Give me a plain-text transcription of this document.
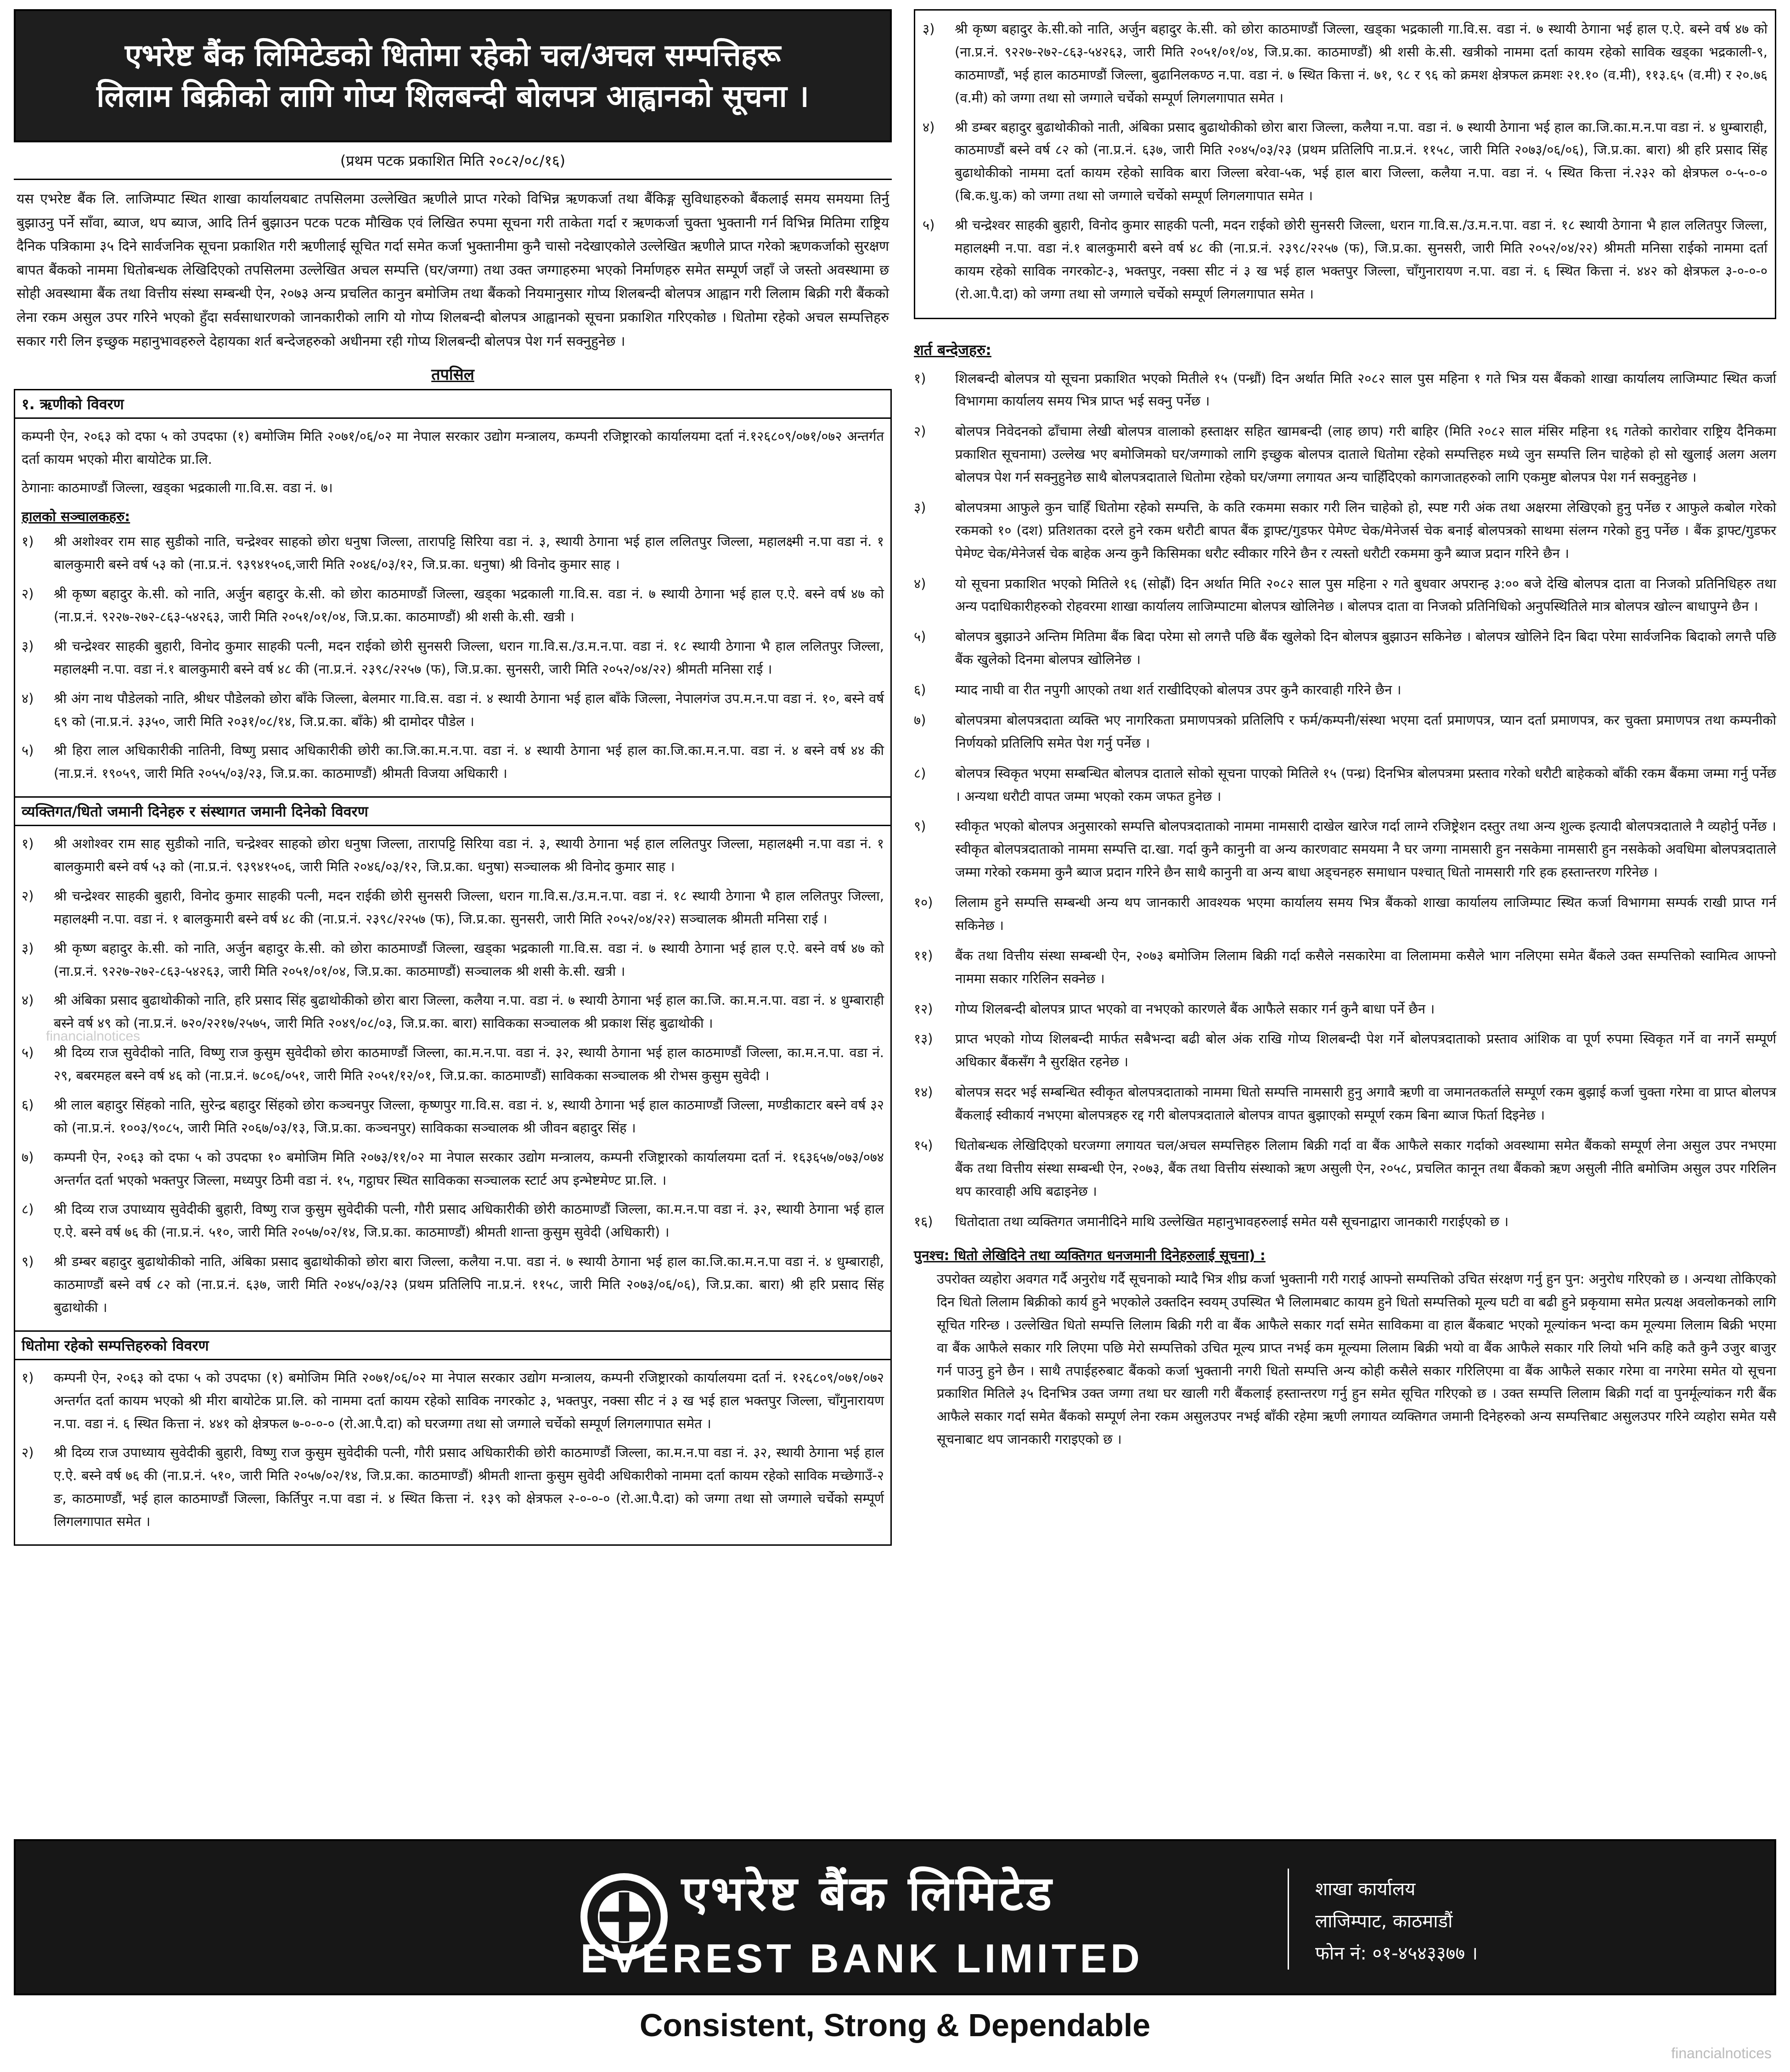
एभरेष्ट बैंक लिमिटेडको धितोमा रहेको चल/अचल सम्पत्तिहरू
लिलाम बिक्रीको लागि गोप्य शिलबन्दी बोलपत्र आह्वानको सूचना ।
(प्रथम पटक प्रकाशित मिति २०८२/०८/१६)
यस एभरेष्ट बैंक लि. लाजिम्पाट स्थित शाखा कार्यालयबाट तपसिलमा उल्लेखित ऋणीले प्राप्त गरेको विभिन्न ऋणकर्जा तथा बैंकिङ्ग सुविधाहरुको बैंकलाई समय समयमा तिर्नु बुझाउनु पर्ने साँवा, ब्याज, थप ब्याज, आदि तिर्न बुझाउन पटक पटक मौखिक एवं लिखित रुपमा सूचना गरी ताकेता गर्दा र ऋणकर्जा चुक्ता भुक्तानी गर्न विभिन्न मितिमा राष्ट्रिय दैनिक पत्रिकामा ३५ दिने सार्वजनिक सूचना प्रकाशित गरी ऋणीलाई सूचित गर्दा समेत कर्जा भुक्तानीमा कुनै चासो नदेखाएकोले उल्लेखित ऋणीले प्राप्त गरेको ऋणकर्जाको सुरक्षण बापत बैंकको नाममा धितोबन्धक लेखिदिएको तपसिलमा उल्लेखित अचल सम्पत्ति (घर/जग्गा) तथा उक्त जग्गाहरुमा भएको निर्माणहरु समेत सम्पूर्ण जहाँ जे जस्तो अवस्थामा छ सोही अवस्थामा बैंक तथा वित्तीय संस्था सम्बन्धी ऐन, २०७३ अन्य प्रचलित कानुन बमोजिम तथा बैंकको नियमानुसार गोप्य शिलबन्दी बोलपत्र आह्वान गरी लिलाम बिक्री गरी बैंकको लेना रकम असुल उपर गरिने भएको हुँदा सर्वसाधारणको जानकारीको लागि यो गोप्य शिलबन्दी बोलपत्र आह्वानको सूचना प्रकाशित गरिएकोछ । धितोमा रहेको अचल सम्पत्तिहरु सकार गरी लिन इच्छुक महानुभावहरुले देहायका शर्त बन्देजहरुको अधीनमा रही गोप्य शिलबन्दी बोलपत्र पेश गर्न सक्नुहुनेछ ।
तपसिल
१. ऋणीको विवरण
कम्पनी ऐन, २०६३ को दफा ५ को उपदफा (१) बमोजिम मिति २०७१/०६/०२ मा नेपाल सरकार उद्योग मन्त्रालय, कम्पनी रजिष्ट्रारको कार्यालयमा दर्ता नं.१२६८०९/०७१/०७२ अन्तर्गत दर्ता कायम भएको मीरा बायोटेक प्रा.लि.
ठेगानाः काठमाण्डौं जिल्ला, खड्का भद्रकाली गा.वि.स. वडा नं. ७।
हालको सञ्चालकहरु:
१)	श्री अशोश्वर राम साह सुडीको नाति, चन्द्रेश्वर साहको छोरा धनुषा जिल्ला, तारापट्टि सिरिया वडा नं. ३, स्थायी ठेगाना भई हाल ललितपुर जिल्ला, महालक्ष्मी न.पा वडा नं. १ बालकुमारी बस्ने वर्ष ५३ को (ना.प्र.नं. ९३९४१५०६,जारी मिति २०४६/०३/१२, जि.प्र.का. धनुषा) श्री विनोद कुमार साह ।
२)	श्री कृष्ण बहादुर के.सी. को नाति, अर्जुन बहादुर के.सी. को छोरा काठमाण्डौं जिल्ला, खड्का भद्रकाली गा.वि.स. वडा नं. ७ स्थायी ठेगाना भई हाल ए.ऐ. बस्ने वर्ष ४७ को (ना.प्र.नं. ९२२७-२७२-८६३-५४२६३, जारी मिति २०५१/०१/०४, जि.प्र.का. काठमाण्डौं) श्री शसी के.सी. खत्री ।
३)	श्री चन्द्रेश्वर साहकी बुहारी, विनोद कुमार साहकी पत्नी, मदन राईको छोरी सुनसरी जिल्ला, धरान गा.वि.स./उ.म.न.पा. वडा नं. १८ स्थायी ठेगाना भै हाल ललितपुर जिल्ला, महालक्ष्मी न.पा. वडा नं.१ बालकुमारी बस्ने वर्ष ४८ की (ना.प्र.नं. २३९८/२२५७ (फ), जि.प्र.का. सुनसरी, जारी मिति २०५२/०४/२२) श्रीमती मनिसा राई ।
४)	श्री अंग नाथ पौडेलको नाति, श्रीधर पौडेलको छोरा बाँके जिल्ला, बेलमार गा.वि.स. वडा नं. ४ स्थायी ठेगाना भई हाल बाँके जिल्ला, नेपालगंज उप.म.न.पा वडा नं. १०, बस्ने वर्ष ६९ को (ना.प्र.नं. ३३५०, जारी मिति २०३१/०८/१४, जि.प्र.का. बाँके) श्री दामोदर पौडेल ।
५)	श्री हिरा लाल अधिकारीकी नातिनी, विष्णु प्रसाद अधिकारीकी छोरी का.जि.का.म.न.पा. वडा नं. ४ स्थायी ठेगाना भई हाल का.जि.का.म.न.पा. वडा नं. ४ बस्ने वर्ष ४४ की (ना.प्र.नं. १९०५९, जारी मिति २०५५/०३/२३, जि.प्र.का. काठमाण्डौं) श्रीमती विजया अधिकारी ।
व्यक्तिगत/धितो जमानी दिनेहरु र संस्थागत जमानी दिनेको विवरण
१)	श्री अशोश्वर राम साह सुडीको नाति, चन्द्रेश्वर साहको छोरा धनुषा जिल्ला, तारापट्टि सिरिया वडा नं. ३, स्थायी ठेगाना भई हाल ललितपुर जिल्ला, महालक्ष्मी न.पा वडा नं. १ बालकुमारी बस्ने वर्ष ५३ को (ना.प्र.नं. ९३९४१५०६, जारी मिति २०४६/०३/१२, जि.प्र.का. धनुषा) सञ्चालक श्री विनोद कुमार साह ।
२)	श्री चन्द्रेश्वर साहकी बुहारी, विनोद कुमार साहकी पत्नी, मदन राईकी छोरी सुनसरी जिल्ला, धरान गा.वि.स./उ.म.न.पा. वडा नं. १८ स्थायी ठेगाना भै हाल ललितपुर जिल्ला, महालक्ष्मी न.पा. वडा नं. १ बालकुमारी बस्ने वर्ष ४८ की (ना.प्र.नं. २३९८/२२५७ (फ), जि.प्र.का. सुनसरी, जारी मिति २०५२/०४/२२) सञ्चालक श्रीमती मनिसा राई ।
३)	श्री कृष्ण बहादुर के.सी. को नाति, अर्जुन बहादुर के.सी. को छोरा काठमाण्डौं जिल्ला, खड्का भद्रकाली गा.वि.स. वडा नं. ७ स्थायी ठेगाना भई हाल ए.ऐ. बस्ने वर्ष ४७ को (ना.प्र.नं. ९२२७-२७२-८६३-५४२६३, जारी मिति २०५१/०१/०४, जि.प्र.का. काठमाण्डौं) सञ्चालक श्री शसी के.सी. खत्री ।
४)	श्री अंबिका प्रसाद बुढाथोकीको नाति, हरि प्रसाद सिंह बुढाथोकीको छोरा बारा जिल्ला, कलैया न.पा. वडा नं. ७ स्थायी ठेगाना भई हाल का.जि. का.म.न.पा. वडा नं. ४ धुम्बाराही बस्ने वर्ष ४९ को (ना.प्र.नं. ७२०/२२१७/२५७५, जारी मिति २०४९/०८/०३, जि.प्र.का. बारा) साविकका सञ्चालक श्री प्रकाश सिंह बुढाथोकी ।
५)	श्री दिव्य राज सुवेदीको नाति, विष्णु राज कुसुम सुवेदीको छोरा काठमाण्डौं जिल्ला, का.म.न.पा. वडा नं. ३२, स्थायी ठेगाना भई हाल काठमाण्डौं जिल्ला, का.म.न.पा. वडा नं. २९, बबरमहल बस्ने वर्ष ४६ को (ना.प्र.नं. ७८०६/०५१, जारी मिति २०५१/१२/०१, जि.प्र.का. काठमाण्डौं) साविकका सञ्चालक श्री रोभस कुसुम सुवेदी ।
६)	श्री लाल बहादुर सिंहको नाति, सुरेन्द्र बहादुर सिंहको छोरा कञ्चनपुर जिल्ला, कृष्णपुर गा.वि.स. वडा नं. ४, स्थायी ठेगाना भई हाल काठमाण्डौं जिल्ला, मण्डीकाटार बस्ने वर्ष ३२ को (ना.प्र.नं. १००३/९०८५, जारी मिति २०६७/०३/१३, जि.प्र.का. कञ्चनपुर) साविकका सञ्चालक श्री जीवन बहादुर सिंह ।
७)	कम्पनी ऐन, २०६३ को दफा ५ को उपदफा १० बमोजिम मिति २०७३/११/०२ मा नेपाल सरकार उद्योग मन्त्रालय, कम्पनी रजिष्ट्रारको कार्यालयमा दर्ता नं. १६३६५७/०७३/०७४ अन्तर्गत दर्ता भएको भक्तपुर जिल्ला, मध्यपुर ठिमी वडा नं. १५, गट्ठाघर स्थित साविकका सञ्चालक स्टार्ट अप इन्भेष्टमेण्ट प्रा.लि. ।
८)	श्री दिव्य राज उपाध्याय सुवेदीकी बुहारी, विष्णु राज कुसुम सुवेदीकी पत्नी, गौरी प्रसाद अधिकारीकी छोरी काठमाण्डौं जिल्ला, का.म.न.पा वडा नं. ३२, स्थायी ठेगाना भई हाल ए.ऐ. बस्ने वर्ष ७६ की (ना.प्र.नं. ५१०, जारी मिति २०५७/०२/१४, जि.प्र.का. काठमाण्डौं) श्रीमती शान्ता कुसुम सुवेदी (अधिकारी) ।
९)	श्री डम्बर बहादुर बुढाथोकीको नाति, अंबिका प्रसाद बुढाथोकीको छोरा बारा जिल्ला, कलैया न.पा. वडा नं. ७ स्थायी ठेगाना भई हाल का.जि.का.म.न.पा वडा नं. ४ धुम्बाराही, काठमाण्डौं बस्ने वर्ष ८२ को (ना.प्र.नं. ६३७, जारी मिति २०४५/०३/२३ (प्रथम प्रतिलिपि ना.प्र.नं. ११५८, जारी मिति २०७३/०६/०६), जि.प्र.का. बारा) श्री हरि प्रसाद सिंह बुढाथोकी ।
धितोमा रहेको सम्पत्तिहरुको विवरण
१)	कम्पनी ऐन, २०६३ को दफा ५ को उपदफा (१) बमोजिम मिति २०७१/०६/०२ मा नेपाल सरकार उद्योग मन्त्रालय, कम्पनी रजिष्ट्रारको कार्यालयमा दर्ता नं. १२६८०९/०७१/०७२ अन्तर्गत दर्ता कायम भएको श्री मीरा बायोटेक प्रा.लि. को नाममा दर्ता कायम रहेको साविक नगरकोट ३, भक्तपुर, नक्सा सीट नं ३ ख भई हाल भक्तपुर जिल्ला, चाँगुनारायण न.पा. वडा नं. ६ स्थित कित्ता नं. ४४१ को क्षेत्रफल ७-०-०-० (रो.आ.पै.दा) को घरजग्गा तथा सो जग्गाले चर्चेको सम्पूर्ण लिगलगापात समेत ।
२)	श्री दिव्य राज उपाध्याय सुवेदीकी बुहारी, विष्णु राज कुसुम सुवेदीकी पत्नी, गौरी प्रसाद अधिकारीकी छोरी काठमाण्डौं जिल्ला, का.म.न.पा वडा नं. ३२, स्थायी ठेगाना भई हाल ए.ऐ. बस्ने वर्ष ७६ की (ना.प्र.नं. ५१०, जारी मिति २०५७/०२/१४, जि.प्र.का. काठमाण्डौं) श्रीमती शान्ता कुसुम सुवेदी अधिकारीको नाममा दर्ता कायम रहेको साविक मच्छेगाउँ-२ ङ, काठमाण्डौं, भई हाल काठमाण्डौं जिल्ला, किर्तिपुर न.पा वडा नं. ४ स्थित कित्ता नं. १३९ को क्षेत्रफल २-०-०-० (रो.आ.पै.दा) को जग्गा तथा सो जग्गाले चर्चेको सम्पूर्ण लिगलगापात समेत ।
३)	श्री कृष्ण बहादुर के.सी.को नाति, अर्जुन बहादुर के.सी. को छोरा काठमाण्डौं जिल्ला, खड्का भद्रकाली गा.वि.स. वडा नं. ७ स्थायी ठेगाना भई हाल ए.ऐ. बस्ने वर्ष ४७ को (ना.प्र.नं. ९२२७-२७२-८६३-५४२६३, जारी मिति २०५१/०१/०४, जि.प्र.का. काठमाण्डौं) श्री शसी के.सी. खत्रीको नाममा दर्ता कायम रहेको साविक खड्का भद्रकाली-९, काठमाण्डौं, भई हाल काठमाण्डौं जिल्ला, बुढानिलकण्ठ न.पा. वडा नं. ७ स्थित कित्ता नं. ७१, ९८ र ९६ को क्रमश क्षेत्रफल क्रमशः २१.१० (व.मी), ११३.६५ (व.मी) र २०.७६ (व.मी) को जग्गा तथा सो जग्गाले चर्चेको सम्पूर्ण लिगलगापात समेत ।
४)	श्री डम्बर बहादुर बुढाथोकीको नाती, अंबिका प्रसाद बुढाथोकीको छोरा बारा जिल्ला, कलैया न.पा. वडा नं. ७ स्थायी ठेगाना भई हाल का.जि.का.म.न.पा वडा नं. ४ धुम्बाराही, काठमाण्डौं बस्ने वर्ष ८२ को (ना.प्र.नं. ६३७, जारी मिति २०४५/०३/२३ (प्रथम प्रतिलिपि ना.प्र.नं. ११५८, जारी मिति २०७३/०६/०६), जि.प्र.का. बारा) श्री हरि प्रसाद सिंह बुढाथोकीको नाममा दर्ता कायम रहेको साविक बारा जिल्ला बरेवा-५क, भई हाल बारा जिल्ला, कलैया न.पा. वडा नं. ५ स्थित कित्ता नं.२३२ को क्षेत्रफल ०-५-०-० (बि.क.धु.क) को जग्गा तथा सो जग्गाले चर्चेको सम्पूर्ण लिगलगापात समेत ।
५)	श्री चन्द्रेश्वर साहकी बुहारी, विनोद कुमार साहकी पत्नी, मदन राईको छोरी सुनसरी जिल्ला, धरान गा.वि.स./उ.म.न.पा. वडा नं. १८ स्थायी ठेगाना भै हाल ललितपुर जिल्ला, महालक्ष्मी न.पा. वडा नं.१ बालकुमारी बस्ने वर्ष ४८ की (ना.प्र.नं. २३९८/२२५७ (फ), जि.प्र.का. सुनसरी, जारी मिति २०५२/०४/२२) श्रीमती मनिसा राईको नाममा दर्ता कायम रहेको साविक नगरकोट-३, भक्तपुर, नक्सा सीट नं ३ ख भई हाल भक्तपुर जिल्ला, चाँगुनारायण न.पा. वडा नं. ६ स्थित कित्ता नं. ४४२ को क्षेत्रफल ३-०-०-० (रो.आ.पै.दा) को जग्गा तथा सो जग्गाले चर्चेको सम्पूर्ण लिगलगापात समेत ।
शर्त बन्देजहरु:
१)	शिलबन्दी बोलपत्र यो सूचना प्रकाशित भएको मितीले १५ (पन्ध्रौं) दिन अर्थात मिति २०८२ साल पुस महिना १ गते भित्र यस बैंकको शाखा कार्यालय लाजिम्पाट स्थित कर्जा विभागमा कार्यालय समय भित्र प्राप्त भई सक्नु पर्नेछ ।
२)	बोलपत्र निवेदनको ढाँचामा लेखी बोलपत्र वालाको हस्ताक्षर सहित खामबन्दी (लाह छाप) गरी बाहिर (मिति २०८२ साल मंसिर महिना १६ गतेको कारोवार राष्ट्रिय दैनिकमा प्रकाशित सूचनामा) उल्लेख भए बमोजिमको घर/जग्गाको लागि इच्छुक बोलपत्र दाताले धितोमा रहेको सम्पत्तिहरु मध्ये जुन सम्पत्ति लिन चाहेको हो सो खुलाई अलग अलग बोलपत्र पेश गर्न सक्नुहुनेछ साथै बोलपत्रदाताले धितोमा रहेको घर/जग्गा लगायत अन्य चाहिँदिएको कागजातहरुको लागि एकमुष्ट बोलपत्र पेश गर्न सक्नुहुनेछ ।
३)	बोलपत्रमा आफुले कुन चाहिँ धितोमा रहेको सम्पत्ति, के कति रकममा सकार गरी लिन चाहेको हो, स्पष्ट गरी अंक तथा अक्षरमा लेखिएको हुनु पर्नेछ र आफुले कबोल गरेको रकमको १० (दश) प्रतिशतका दरले हुने रकम धरौटी बापत बैंक ड्राफ्ट/गुडफर पेमेण्ट चेक/मेनेजर्स चेक बनाई बोलपत्रको साथमा संलग्न गरेको हुनु पर्नेछ । बैंक ड्राफ्ट/गुडफर पेमेण्ट चेक/मेनेजर्स चेक बाहेक अन्य कुनै किसिमका धरौट स्वीकार गरिने छैन र त्यस्तो धरौटी रकममा कुनै ब्याज प्रदान गरिने छैन ।
४)	यो सूचना प्रकाशित भएको मितिले १६ (सोह्रौं) दिन अर्थात मिति २०८२ साल पुस महिना २ गते बुधवार अपरान्ह ३:०० बजे देखि बोलपत्र दाता वा निजको प्रतिनिधिहरु तथा अन्य पदाधिकारीहरुको रोहवरमा शाखा कार्यालय लाजिम्पाटमा बोलपत्र खोलिनेछ । बोलपत्र दाता वा निजको प्रतिनिधिको अनुपस्थितिले मात्र बोलपत्र खोल्न बाधापुग्ने छैन ।
५)	बोलपत्र बुझाउने अन्तिम मितिमा बैंक बिदा परेमा सो लगत्तै पछि बैंक खुलेको दिन बोलपत्र बुझाउन सकिनेछ । बोलपत्र खोलिने दिन बिदा परेमा सार्वजनिक बिदाको लगत्तै पछि बैंक खुलेको दिनमा बोलपत्र खोलिनेछ ।
६)	म्याद नाघी वा रीत नपुगी आएको तथा शर्त राखीदिएको बोलपत्र उपर कुनै कारवाही गरिने छैन ।
७)	बोलपत्रमा बोलपत्रदाता व्यक्ति भए नागरिकता प्रमाणपत्रको प्रतिलिपि र फर्म/कम्पनी/संस्था भएमा दर्ता प्रमाणपत्र, प्यान दर्ता प्रमाणपत्र, कर चुक्ता प्रमाणपत्र तथा कम्पनीको निर्णयको प्रतिलिपि समेत पेश गर्नु पर्नेछ ।
८)	बोलपत्र स्विकृत भएमा सम्बन्धित बोलपत्र दाताले सोको सूचना पाएको मितिले १५ (पन्ध्र) दिनभित्र बोलपत्रमा प्रस्ताव गरेको धरौटी बाहेकको बाँकी रकम बैंकमा जम्मा गर्नु पर्नेछ । अन्यथा धरौटी वापत जम्मा भएको रकम जफत हुनेछ ।
९)	स्वीकृत भएको बोलपत्र अनुसारको सम्पत्ति बोलपत्रदाताको नाममा नामसारी दाखेल खारेज गर्दा लाग्ने रजिष्ट्रेशन दस्तुर तथा अन्य शुल्क इत्यादी बोलपत्रदाताले नै व्यहोर्नु पर्नेछ । स्वीकृत बोलपत्रदाताको नाममा सम्पत्ति दा.खा. गर्दा कुनै कानुनी वा अन्य कारणवाट समयमा नै घर जग्गा नामसारी हुन नसकेमा नामसारी हुन नसकेको अवधिमा बोलपत्रदाताले जम्मा गरेको रकममा कुनै ब्याज प्रदान गरिने छैन साथै कानुनी वा अन्य बाधा अड्चनहरु समाधान पश्चात् धितो नामसारी गरि हक हस्तान्तरण गरिनेछ ।
१०)	लिलाम हुने सम्पत्ति सम्बन्धी अन्य थप जानकारी आवश्यक भएमा कार्यालय समय भित्र बैंकको शाखा कार्यालय लाजिम्पाट स्थित कर्जा विभागमा सम्पर्क राखी प्राप्त गर्न सकिनेछ ।
११)	बैंक तथा वित्तीय संस्था सम्बन्धी ऐन, २०७३ बमोजिम लिलाम बिक्री गर्दा कसैले नसकारेमा वा लिलाममा कसैले भाग नलिएमा समेत बैंकले उक्त सम्पत्तिको स्वामित्व आफ्नो नाममा सकार गरिलिन सक्नेछ ।
१२)	गोप्य शिलबन्दी बोलपत्र प्राप्त भएको वा नभएको कारणले बैंक आफैले सकार गर्न कुनै बाधा पर्ने छैन ।
१३)	प्राप्त भएको गोप्य शिलबन्दी मार्फत सबैभन्दा बढी बोल अंक राखि गोप्य शिलबन्दी पेश गर्ने बोलपत्रदाताको प्रस्ताव आंशिक वा पूर्ण रुपमा स्विकृत गर्ने वा नगर्ने सम्पूर्ण अधिकार बैंकसँग नै सुरक्षित रहनेछ ।
१४)	बोलपत्र सदर भई सम्बन्धित स्वीकृत बोलपत्रदाताको नाममा धितो सम्पत्ति नामसारी हुनु अगावै ऋणी वा जमानतकर्ताले सम्पूर्ण रकम बुझाई कर्जा चुक्ता गरेमा वा प्राप्त बोलपत्र बैंकलाई स्वीकार्य नभएमा बोलपत्रहरु रद्द गरी बोलपत्रदाताले बोलपत्र वापत बुझाएको सम्पूर्ण रकम बिना ब्याज फिर्ता दिइनेछ ।
१५)	धितोबन्धक लेखिदिएको घरजग्गा लगायत चल/अचल सम्पत्तिहरु लिलाम बिक्री गर्दा वा बैंक आफैले सकार गर्दाको अवस्थामा समेत बैंकको सम्पूर्ण लेना असुल उपर नभएमा बैंक तथा वित्तीय संस्था सम्बन्धी ऐन, २०७३, बैंक तथा वित्तीय संस्थाको ऋण असुली ऐन, २०५८, प्रचलित कानून तथा बैंकको ऋण असुली नीति बमोजिम असुल उपर गरिलिन थप कारवाही अघि बढाइनेछ ।
१६)	धितोदाता तथा व्यक्तिगत जमानीदिने माथि उल्लेखित महानुभावहरुलाई समेत यसै सूचनाद्वारा जानकारी गराईएको छ ।
पुनश्च: धितो लेखिदिने तथा व्यक्तिगत धनजमानी दिनेहरुलाई सूचना) :
उपरोक्त व्यहोरा अवगत गर्दै अनुरोध गर्दै सूचनाको म्यादै भित्र शीघ्र कर्जा भुक्तानी गरी गराई आफ्नो सम्पत्तिको उचित संरक्षण गर्नु हुन पुन: अनुरोध गरिएको छ । अन्यथा तोकिएको दिन धितो लिलाम बिक्रीको कार्य हुने भएकोले उक्तदिन स्वयम् उपस्थित भै लिलामबाट कायम हुने धितो सम्पत्तिको मूल्य घटी वा बढी हुने प्रकृयामा समेत प्रत्यक्ष अवलोकनको लागि सूचित गरिन्छ । उल्लेखित धितो सम्पत्ति लिलाम बिक्री गरी वा बैंक आफैले सकार गर्दा समेत साविकमा वा हाल बैंकबाट भएको मूल्यांकन भन्दा कम मूल्यमा लिलाम बिक्री भएमा वा बैंक आफैले सकार गरि लिएमा पछि मेरो सम्पत्तिको उचित मूल्य प्राप्त नभई कम मूल्यमा लिलाम बिक्री भयो वा बैंक आफैले सकार गरि लियो भनि कहि कतै कुनै उजुर बाजुर गर्न पाउनु हुने छैन । साथै तपाईहरुबाट बैंकको कर्जा भुक्तानी नगरी धितो सम्पत्ति अन्य कोही कसैले सकार गरिलिएमा वा बैंक आफैले सकार गरेमा वा नगरेमा समेत यो सूचना प्रकाशित मितिले ३५ दिनभित्र उक्त जग्गा तथा घर खाली गरी बैंकलाई हस्तान्तरण गर्नु हुन समेत सूचित गरिएको छ । उक्त सम्पत्ति लिलाम बिक्री गर्दा वा पुनर्मूल्यांकन गरी बैंक आफैले सकार गर्दा समेत बैंकको सम्पूर्ण लेना रकम असुलउपर नभई बाँकी रहेमा ऋणी लगायत व्यक्तिगत जमानी दिनेहरुको अन्य सम्पत्तिबाट असुलउपर गरिने व्यहोरा समेत यसै सूचनाबाट थप जानकारी गराइएको छ ।
financialnotices
एभरेष्ट बैंक लिमिटेड
EVEREST BANK LIMITED
शाखा कार्यालय
लाजिम्पाट, काठमाडौं
फोन नं: ०१-४५४३३७७ ।
Consistent, Strong & Dependable
financialnotices
